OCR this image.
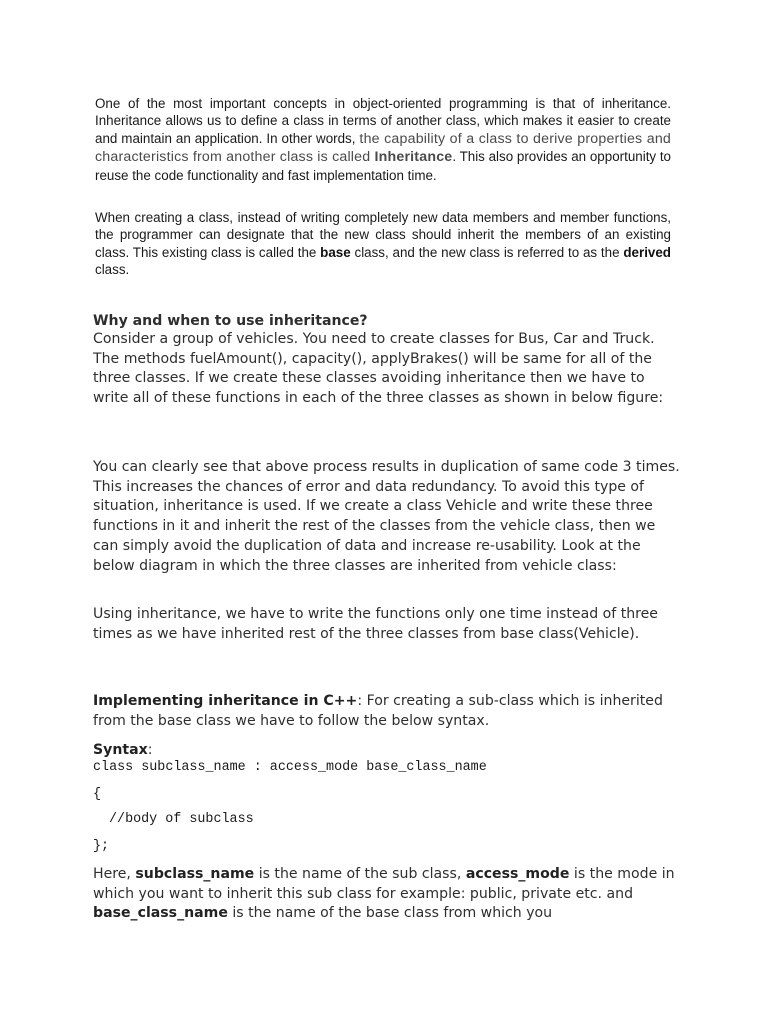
One of the most important concepts in object-oriented programming is that of inheritance. Inheritance allows us to define a class in terms of another class, which makes it easier to create and maintain an application. In other words, the capability of a class to derive properties and characteristics from another class is called Inheritance. This also provides an opportunity to reuse the code functionality and fast implementation time.

When creating a class, instead of writing completely new data members and member functions, the programmer can designate that the new class should inherit the members of an existing class. This existing class is called the base class, and the new class is referred to as the derived class.

Why and when to use inheritance?

Consider a group of vehicles. You need to create classes for Bus, Car and Truck. The methods fuelAmount(), capacity(), applyBrakes() will be same for all of the three classes. If we create these classes avoiding inheritance then we have to write all of these functions in each of the three classes as shown in below figure:

You can clearly see that above process results in duplication of same code 3 times. This increases the chances of error and data redundancy. To avoid this type of situation, inheritance is used. If we create a class Vehicle and write these three functions in it and inherit the rest of the classes from the vehicle class, then we can simply avoid the duplication of data and increase re-usability. Look at the below diagram in which the three classes are inherited from vehicle class:

Using inheritance, we have to write the functions only one time instead of three times as we have inherited rest of the three classes from base class(Vehicle).

Implementing inheritance in C++: For creating a sub-class which is inherited from the base class we have to follow the below syntax.

Syntax:

class subclass_name : access_mode base_class_name

{

//body of subclass

};

Here, subclass_name is the name of the sub class, access_mode is the mode in which you want to inherit this sub class for example: public, private etc. and base_class_name is the name of the base class from which you
